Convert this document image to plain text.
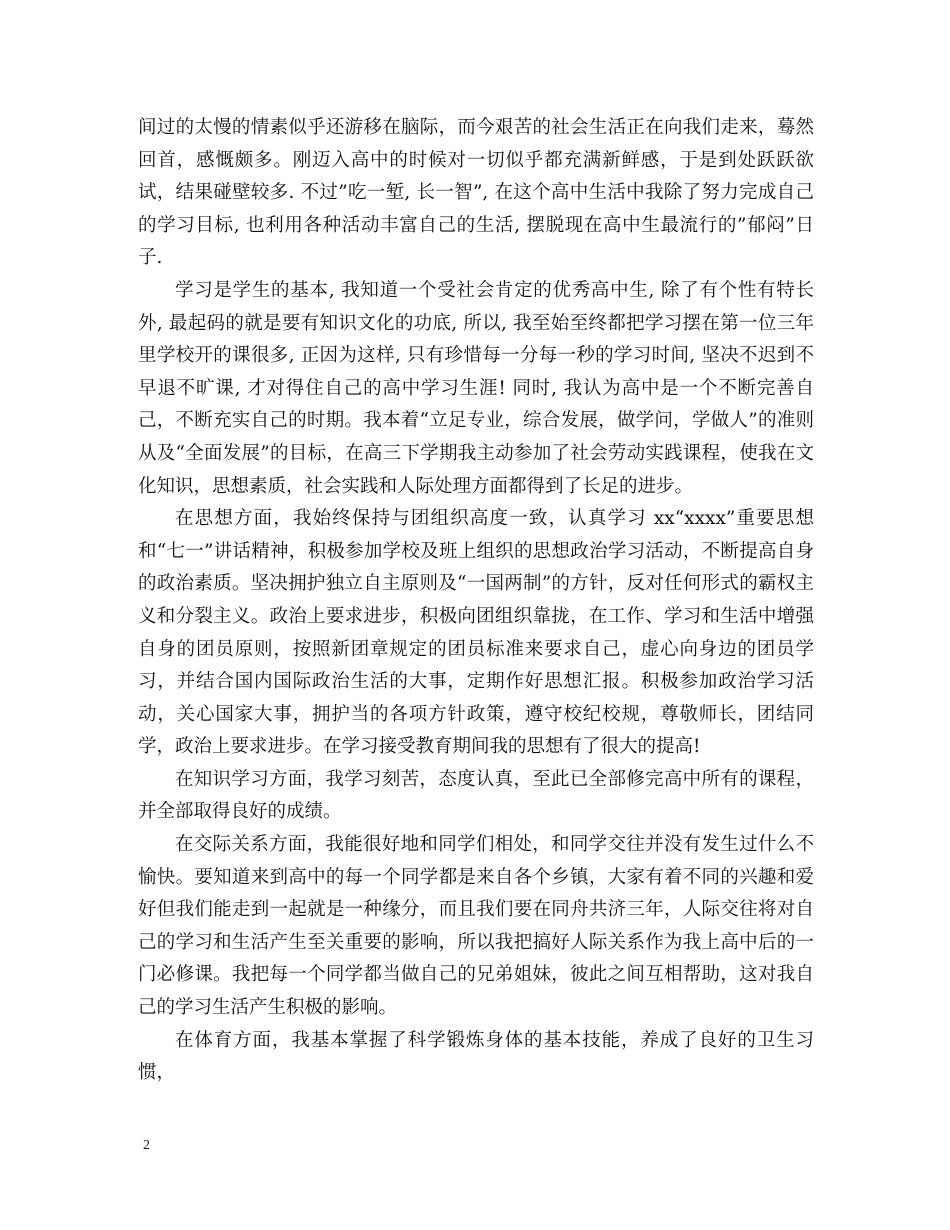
间过的太慢的情素似乎还游移在脑际，而今艰苦的社会生活正在向我们走来，蓦然回首，感慨颇多。刚迈入高中的时候对一切似乎都充满新鲜感，于是到处跃跃欲试，结果碰壁较多. 不过”吃一堑, 长一智”, 在这个高中生活中我除了努力完成自己的学习目标, 也利用各种活动丰富自己的生活, 摆脱现在高中生最流行的”郁闷”日子.

学习是学生的基本, 我知道一个受社会肯定的优秀高中生, 除了有个性有特长外, 最起码的就是要有知识文化的功底, 所以, 我至始至终都把学习摆在第一位三年里学校开的课很多, 正因为这样, 只有珍惜每一分每一秒的学习时间, 坚决不迟到不早退不旷课, 才对得住自己的高中学习生涯! 同时, 我认为高中是一个不断完善自己，不断充实自己的时期。我本着“立足专业，综合发展，做学问，学做人”的准则从及“全面发展”的目标，在高三下学期我主动参加了社会劳动实践课程，使我在文化知识，思想素质，社会实践和人际处理方面都得到了长足的进步。

在思想方面，我始终保持与团组织高度一致，认真学习 xx“xxxx”重要思想和“七一”讲话精神，积极参加学校及班上组织的思想政治学习活动，不断提高自身的政治素质。坚决拥护独立自主原则及“一国两制”的方针，反对任何形式的霸权主义和分裂主义。政治上要求进步，积极向团组织靠拢，在工作、学习和生活中增强自身的团员原则，按照新团章规定的团员标准来要求自己，虚心向身边的团员学习，并结合国内国际政治生活的大事，定期作好思想汇报。积极参加政治学习活动，关心国家大事，拥护当的各项方针政策，遵守校纪校规，尊敬师长，团结同学，政治上要求进步。在学习接受教育期间我的思想有了很大的提高!

在知识学习方面，我学习刻苦，态度认真，至此已全部修完高中所有的课程，并全部取得良好的成绩。

在交际关系方面，我能很好地和同学们相处，和同学交往并没有发生过什么不愉快。要知道来到高中的每一个同学都是来自各个乡镇，大家有着不同的兴趣和爱好但我们能走到一起就是一种缘分，而且我们要在同舟共济三年，人际交往将对自己的学习和生活产生至关重要的影响，所以我把搞好人际关系作为我上高中后的一门必修课。我把每一个同学都当做自己的兄弟姐妹，彼此之间互相帮助，这对我自己的学习生活产生积极的影响。

在体育方面，我基本掌握了科学锻炼身体的基本技能，养成了良好的卫生习惯，

2
